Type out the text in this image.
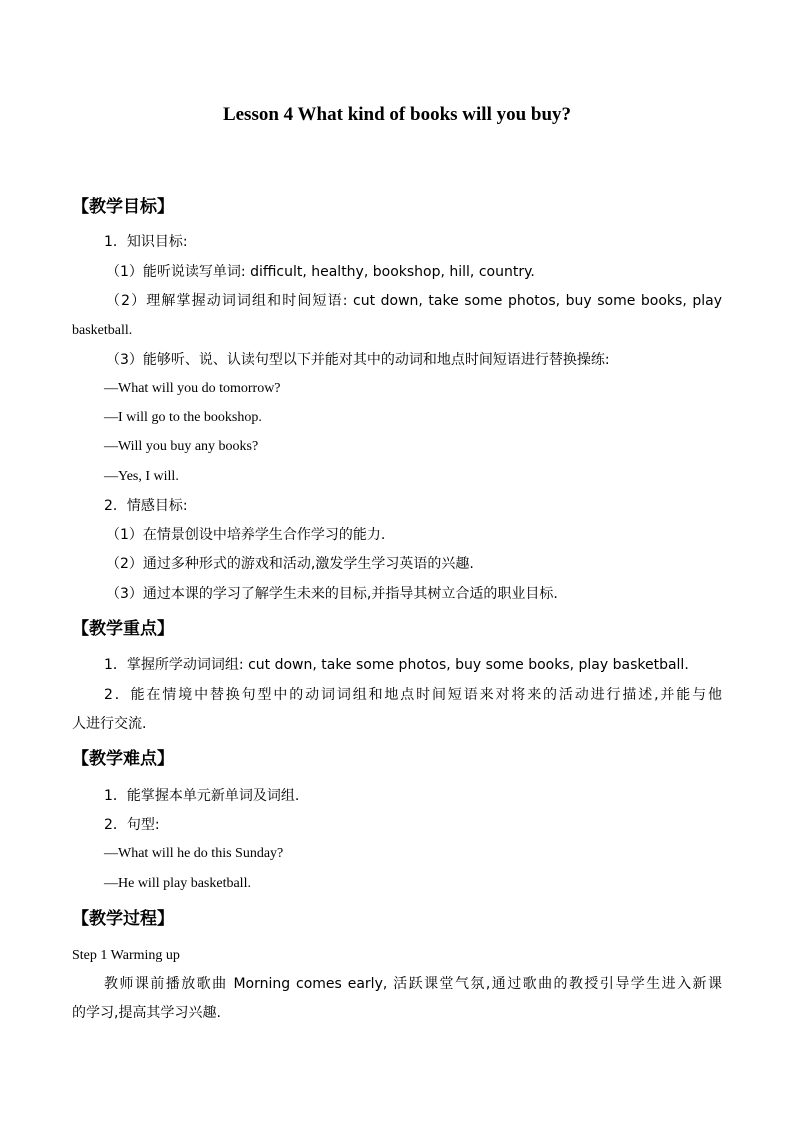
Lesson 4 What kind of books will you buy?
【教学目标】
1．知识目标:
（1）能听说读写单词: difficult, healthy, bookshop, hill, country.
（2）理解掌握动词词组和时间短语: cut down, take some photos, buy some books, play
basketball.
（3）能够听、说、认读句型以下并能对其中的动词和地点时间短语进行替换操练:
—What will you do tomorrow?
—I will go to the bookshop.
—Will you buy any books?
—Yes, I will.
2．情感目标:
（1）在情景创设中培养学生合作学习的能力.
（2）通过多种形式的游戏和活动,激发学生学习英语的兴趣.
（3）通过本课的学习了解学生未来的目标,并指导其树立合适的职业目标.
【教学重点】
1．掌握所学动词词组: cut down, take some photos, buy some books, play basketball.
2．能在情境中替换句型中的动词词组和地点时间短语来对将来的活动进行描述,并能与他
人进行交流.
【教学难点】
1．能掌握本单元新单词及词组.
2．句型:
—What will he do this Sunday?
—He will play basketball.
【教学过程】
Step 1 Warming up
教师课前播放歌曲 Morning comes early, 活跃课堂气氛,通过歌曲的教授引导学生进入新课
的学习,提高其学习兴趣.
